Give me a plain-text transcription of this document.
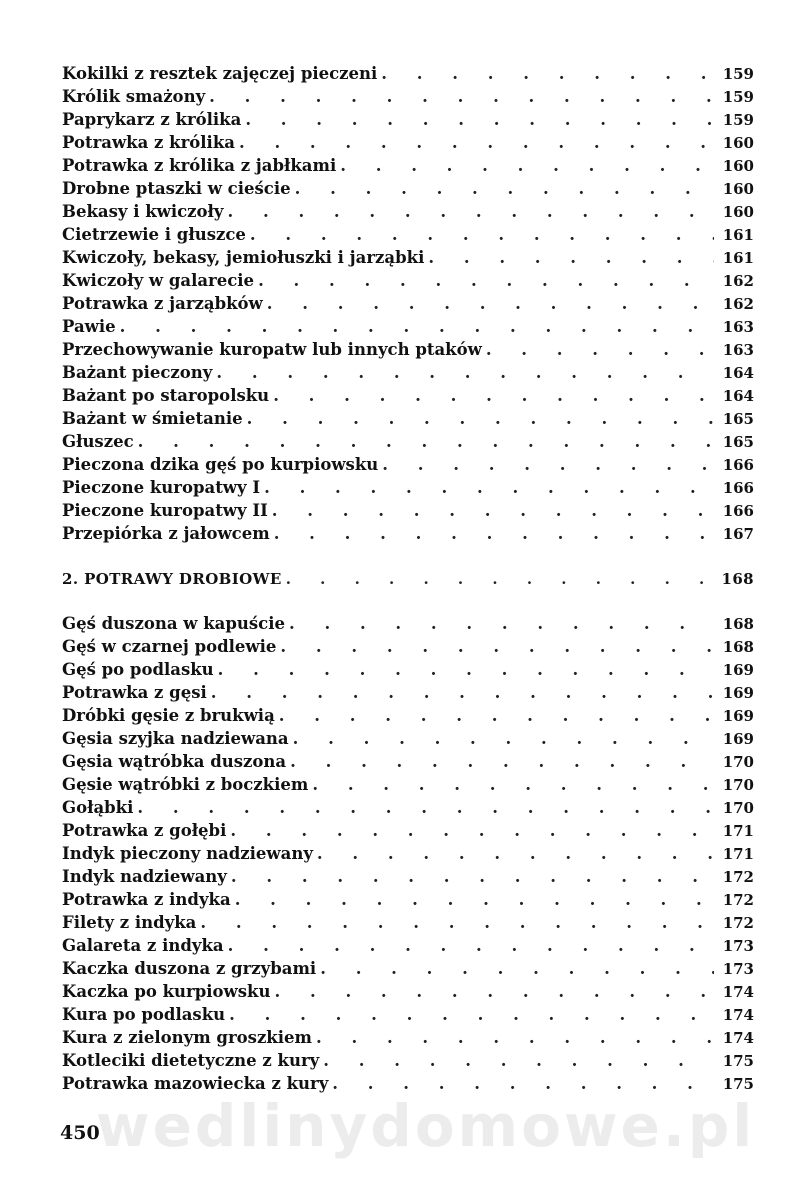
Kokilki z resztek zajęczej pieczeni . . .	159
Królik smażony . . .	159
Paprykarz z królika . . .	159
Potrawka z królika . . .	160
Potrawka z królika z jabłkami . . .	160
Drobne ptaszki w cieście . . .	160
Bekasy i kwiczoły . . .	160
Cietrzewie i głuszce . . .	161
Kwiczoły, bekasy, jemiołuszki i jarząbki . . .	161
Kwiczoły w galarecie . . .	162
Potrawka z jarząbków . . .	162
Pawie . . .	163
Przechowywanie kuropatw lub innych ptaków . . .	163
Bażant pieczony . . .	164
Bażant po staropolsku . . .	164
Bażant w śmietanie . . .	165
Głuszec . . .	165
Pieczona dzika gęś po kurpiowsku . . .	166
Pieczone kuropatwy I . . .	166
Pieczone kuropatwy II . . .	166
Przepiórka z jałowcem . . .	167
2. POTRAWY DROBIOWE . . .	168
Gęś duszona w kapuście . . .	168
Gęś w czarnej podlewie . . .	168
Gęś po podlasku . . .	169
Potrawka z gęsi . . .	169
Dróbki gęsie z brukwią . . .	169
Gęsia szyjka nadziewana . . .	169
Gęsia wątróbka duszona . . .	170
Gęsie wątróbki z boczkiem . . .	170
Gołąbki . . .	170
Potrawka z gołębi . . .	171
Indyk pieczony nadziewany . . .	171
Indyk nadziewany . . .	172
Potrawka z indyka . . .	172
Filety z indyka . . .	172
Galareta z indyka . . .	173
Kaczka duszona z grzybami . . .	173
Kaczka po kurpiowsku . . .	174
Kura po podlasku . . .	174
Kura z zielonym groszkiem . . .	174
Kotleciki dietetyczne z kury . . .	175
Potrawka mazowiecka z kury . . .	175
wedlinydomowe.pl
450
